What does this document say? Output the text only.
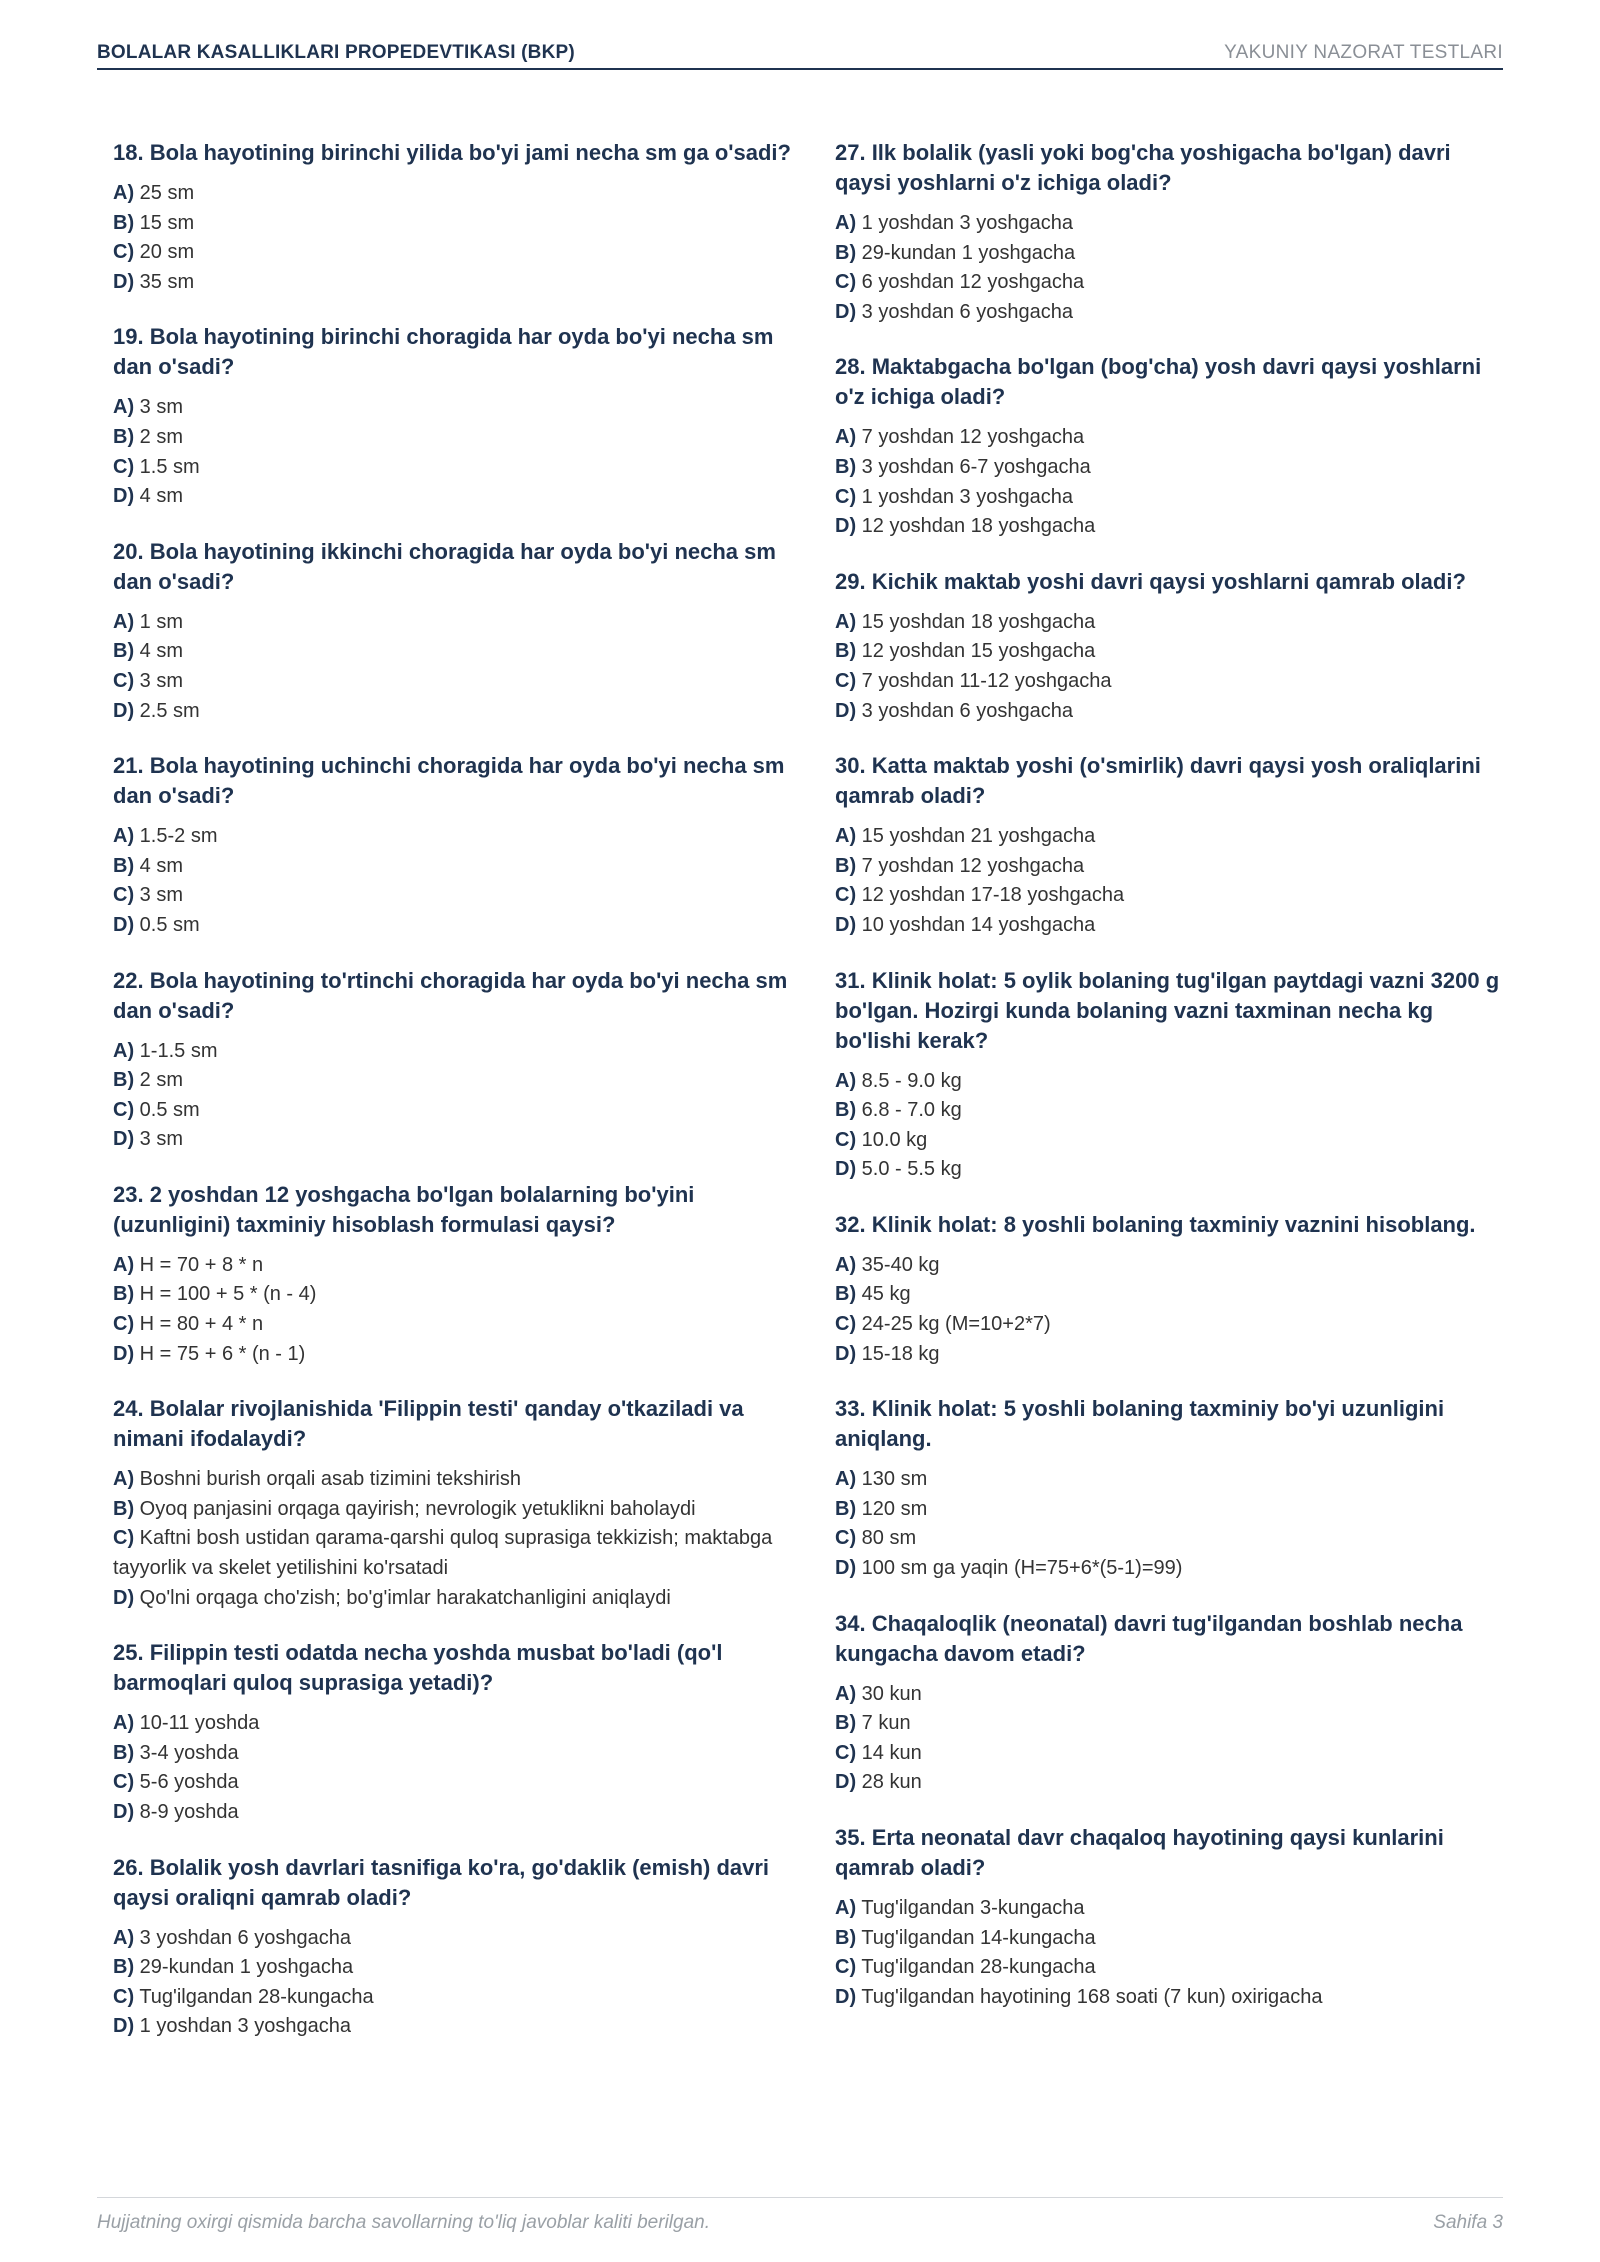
BOLALAR KASALLIKLARI PROPEDEVTIKASI (BKP)	YAKUNIY NAZORAT TESTLARI

18. Bola hayotining birinchi yilida bo'yi jami necha sm ga o'sadi?

A) 25 sm
B) 15 sm
C) 20 sm
D) 35 sm

19. Bola hayotining birinchi choragida har oyda bo'yi necha sm dan o'sadi?

A) 3 sm
B) 2 sm
C) 1.5 sm
D) 4 sm

20. Bola hayotining ikkinchi choragida har oyda bo'yi necha sm dan o'sadi?

A) 1 sm
B) 4 sm
C) 3 sm
D) 2.5 sm

21. Bola hayotining uchinchi choragida har oyda bo'yi necha sm dan o'sadi?

A) 1.5-2 sm
B) 4 sm
C) 3 sm
D) 0.5 sm

22. Bola hayotining to'rtinchi choragida har oyda bo'yi necha sm dan o'sadi?

A) 1-1.5 sm
B) 2 sm
C) 0.5 sm
D) 3 sm

23. 2 yoshdan 12 yoshgacha bo'lgan bolalarning bo'yini (uzunligini) taxminiy hisoblash formulasi qaysi?

A) H = 70 + 8 * n
B) H = 100 + 5 * (n - 4)
C) H = 80 + 4 * n
D) H = 75 + 6 * (n - 1)

24. Bolalar rivojlanishida 'Filippin testi' qanday o'tkaziladi va nimani ifodalaydi?

A) Boshni burish orqali asab tizimini tekshirish
B) Oyoq panjasini orqaga qayirish; nevrologik yetuklikni baholaydi
C) Kaftni bosh ustidan qarama-qarshi quloq suprasiga tekkizish; maktabga tayyorlik va skelet yetilishini ko'rsatadi
D) Qo'lni orqaga cho'zish; bo'g'imlar harakatchanligini aniqlaydi

25. Filippin testi odatda necha yoshda musbat bo'ladi (qo'l barmoqlari quloq suprasiga yetadi)?

A) 10-11 yoshda
B) 3-4 yoshda
C) 5-6 yoshda
D) 8-9 yoshda

26. Bolalik yosh davrlari tasnifiga ko'ra, go'daklik (emish) davri qaysi oraliqni qamrab oladi?

A) 3 yoshdan 6 yoshgacha
B) 29-kundan 1 yoshgacha
C) Tug'ilgandan 28-kungacha
D) 1 yoshdan 3 yoshgacha

27. Ilk bolalik (yasli yoki bog'cha yoshigacha bo'lgan) davri qaysi yoshlarni o'z ichiga oladi?

A) 1 yoshdan 3 yoshgacha
B) 29-kundan 1 yoshgacha
C) 6 yoshdan 12 yoshgacha
D) 3 yoshdan 6 yoshgacha

28. Maktabgacha bo'lgan (bog'cha) yosh davri qaysi yoshlarni o'z ichiga oladi?

A) 7 yoshdan 12 yoshgacha
B) 3 yoshdan 6-7 yoshgacha
C) 1 yoshdan 3 yoshgacha
D) 12 yoshdan 18 yoshgacha

29. Kichik maktab yoshi davri qaysi yoshlarni qamrab oladi?

A) 15 yoshdan 18 yoshgacha
B) 12 yoshdan 15 yoshgacha
C) 7 yoshdan 11-12 yoshgacha
D) 3 yoshdan 6 yoshgacha

30. Katta maktab yoshi (o'smirlik) davri qaysi yosh oraliqlarini qamrab oladi?

A) 15 yoshdan 21 yoshgacha
B) 7 yoshdan 12 yoshgacha
C) 12 yoshdan 17-18 yoshgacha
D) 10 yoshdan 14 yoshgacha

31. Klinik holat: 5 oylik bolaning tug'ilgan paytdagi vazni 3200 g bo'lgan. Hozirgi kunda bolaning vazni taxminan necha kg bo'lishi kerak?

A) 8.5 - 9.0 kg
B) 6.8 - 7.0 kg
C) 10.0 kg
D) 5.0 - 5.5 kg

32. Klinik holat: 8 yoshli bolaning taxminiy vaznini hisoblang.

A) 35-40 kg
B) 45 kg
C) 24-25 kg (M=10+2*7)
D) 15-18 kg

33. Klinik holat: 5 yoshli bolaning taxminiy bo'yi uzunligini aniqlang.

A) 130 sm
B) 120 sm
C) 80 sm
D) 100 sm ga yaqin (H=75+6*(5-1)=99)

34. Chaqaloqlik (neonatal) davri tug'ilgandan boshlab necha kungacha davom etadi?

A) 30 kun
B) 7 kun
C) 14 kun
D) 28 kun

35. Erta neonatal davr chaqaloq hayotining qaysi kunlarini qamrab oladi?

A) Tug'ilgandan 3-kungacha
B) Tug'ilgandan 14-kungacha
C) Tug'ilgandan 28-kungacha
D) Tug'ilgandan hayotining 168 soati (7 kun) oxirigacha
Hujjatning oxirgi qismida barcha savollarning to'liq javoblar kaliti berilgan.	Sahifa 3
